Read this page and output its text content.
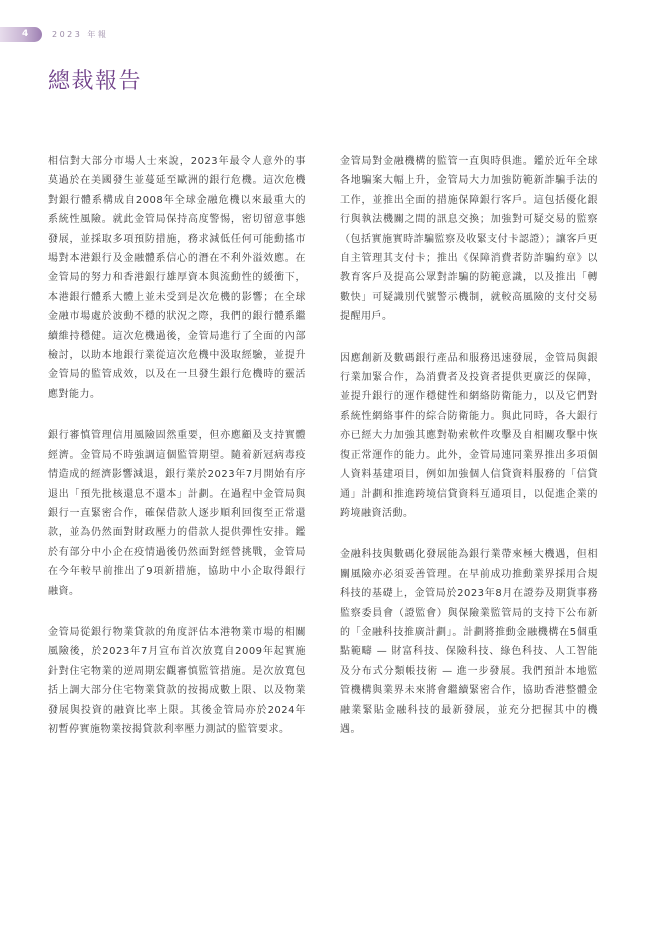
4	2023 年報
總裁報告

相信對大部分市場人士來說，2023年最令人意外的事莫過於在美國發生並蔓延至歐洲的銀行危機。這次危機對銀行體系構成自2008年全球金融危機以來最重大的系統性風險。就此金管局保持高度警惕，密切留意事態發展，並採取多項預防措施，務求減低任何可能動搖市場對本港銀行及金融體系信心的潛在不利外溢效應。在金管局的努力和香港銀行雄厚資本與流動性的緩衝下，本港銀行體系大體上並未受到是次危機的影響；在全球金融市場處於波動不穩的狀況之際，我們的銀行體系繼續維持穩健。這次危機過後，金管局進行了全面的內部檢討，以助本地銀行業從這次危機中汲取經驗，並提升金管局的監管成效，以及在一旦發生銀行危機時的靈活應對能力。

銀行審慎管理信用風險固然重要，但亦應顧及支持實體經濟。金管局不時強調這個監管期望。隨着新冠病毒疫情造成的經濟影響減退，銀行業於2023年7月開始有序退出「預先批核還息不還本」計劃。在過程中金管局與銀行一直緊密合作，確保借款人逐步順利回復至正常還款，並為仍然面對財政壓力的借款人提供彈性安排。鑑於有部分中小企在疫情過後仍然面對經營挑戰，金管局在今年較早前推出了9項新措施，協助中小企取得銀行融資。

金管局從銀行物業貸款的角度評估本港物業市場的相關風險後，於2023年7月宣布首次放寬自2009年起實施針對住宅物業的逆周期宏觀審慎監管措施。是次放寬包括上調大部分住宅物業貸款的按揭成數上限、以及物業發展與投資的融資比率上限。其後金管局亦於2024年初暫停實施物業按揭貸款利率壓力測試的監管要求。

金管局對金融機構的監管一直與時俱進。鑑於近年全球各地騙案大幅上升，金管局大力加強防範新詐騙手法的工作，並推出全面的措施保障銀行客戶。這包括優化銀行與執法機關之間的訊息交換；加強對可疑交易的監察（包括實施實時詐騙監察及收緊支付卡認證）；讓客戶更自主管理其支付卡；推出《保障消費者防詐騙約章》以教育客戶及提高公眾對詐騙的防範意識，以及推出「轉數快」可疑識別代號警示機制，就較高風險的支付交易提醒用戶。

因應創新及數碼銀行產品和服務迅速發展，金管局與銀行業加緊合作，為消費者及投資者提供更廣泛的保障，並提升銀行的運作穩健性和網絡防衛能力，以及它們對系統性網絡事件的綜合防衛能力。與此同時，各大銀行亦已經大力加強其應對勒索軟件攻擊及自相關攻擊中恢復正常運作的能力。此外，金管局連同業界推出多項個人資料基建項目，例如加強個人信貸資料服務的「信貸通」計劃和推進跨境信貸資料互通項目，以促進企業的跨境融資活動。

金融科技與數碼化發展能為銀行業帶來極大機遇，但相關風險亦必須妥善管理。在早前成功推動業界採用合規科技的基礎上，金管局於2023年8月在證券及期貨事務監察委員會（證監會）與保險業監管局的支持下公布新的「金融科技推廣計劃」。計劃將推動金融機構在5個重點範疇 — 財富科技、保險科技、綠色科技、人工智能及分布式分類帳技術 — 進一步發展。我們預計本地監管機構與業界未來將會繼續緊密合作，協助香港整體金融業緊貼金融科技的最新發展，並充分把握其中的機遇。
